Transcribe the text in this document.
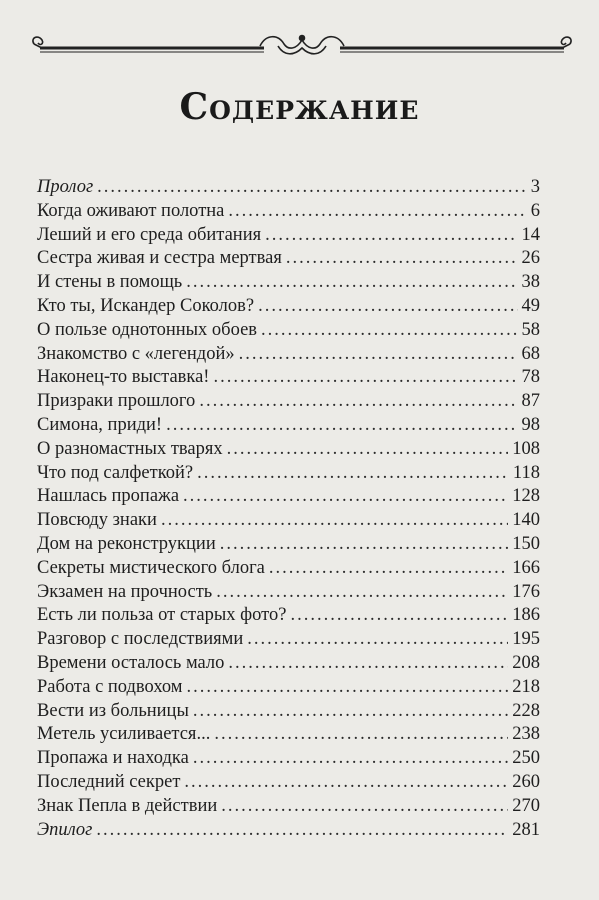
Содержание
Пролог .....	3
Когда оживают полотна .....	6
Леший и его среда обитания .....	14
Сестра живая и сестра мертвая .....	26
И стены в помощь .....	38
Кто ты, Искандер Соколов? .....	49
О пользе однотонных обоев .....	58
Знакомство с «легендой» .....	68
Наконец-то выставка! .....	78
Призраки прошлого .....	87
Симона, приди! .....	98
О разномастных тварях .....	108
Что под салфеткой? .....	118
Нашлась пропажа .....	128
Повсюду знаки .....	140
Дом на реконструкции .....	150
Секреты мистического блога .....	166
Экзамен на прочность .....	176
Есть ли польза от старых фото? .....	186
Разговор с последствиями .....	195
Времени осталось мало .....	208
Работа с подвохом .....	218
Вести из больницы .....	228
Метель усиливается... .....	238
Пропажа и находка .....	250
Последний секрет .....	260
Знак Пепла в действии .....	270
Эпилог .....	281
